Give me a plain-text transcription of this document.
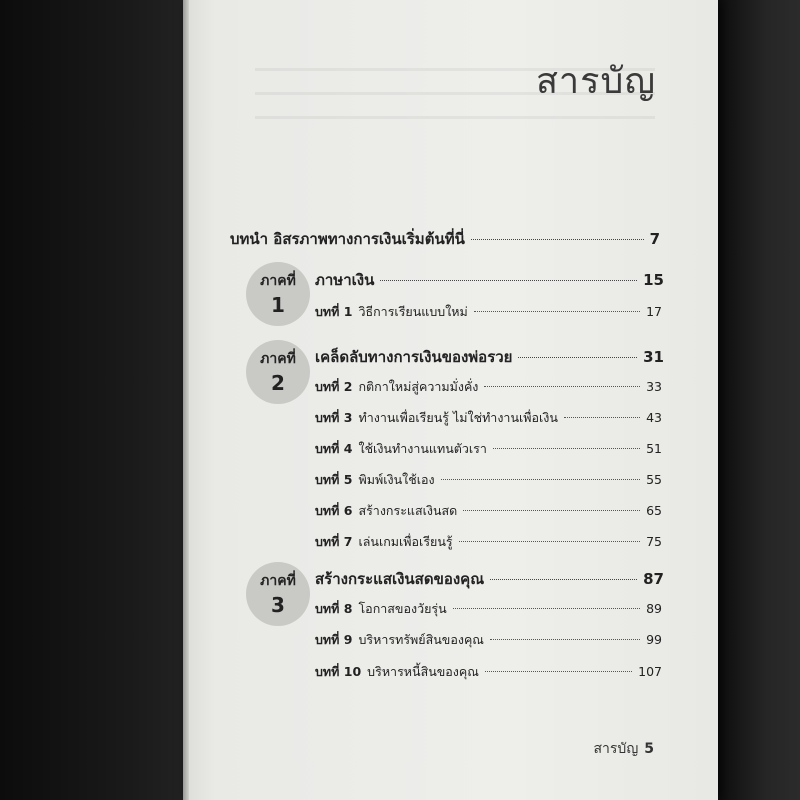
สารบัญ
บทนำ อิสรภาพทางการเงินเริ่มต้นที่นี่	7
ภาคที่
1
ภาษาเงิน	15
บทที่ 1 วิธีการเรียนแบบใหม่	17
ภาคที่
2
เคล็ดลับทางการเงินของพ่อรวย	31
บทที่ 2 กติกาใหม่สู่ความมั่งคั่ง	33
บทที่ 3 ทำงานเพื่อเรียนรู้ ไม่ใช่ทำงานเพื่อเงิน	43
บทที่ 4 ใช้เงินทำงานแทนตัวเรา	51
บทที่ 5 พิมพ์เงินใช้เอง	55
บทที่ 6 สร้างกระแสเงินสด	65
บทที่ 7 เล่นเกมเพื่อเรียนรู้	75
ภาคที่
3
สร้างกระแสเงินสดของคุณ	87
บทที่ 8 โอกาสของวัยรุ่น	89
บทที่ 9 บริหารทรัพย์สินของคุณ	99
บทที่ 10 บริหารหนี้สินของคุณ	107
สารบัญ 5
